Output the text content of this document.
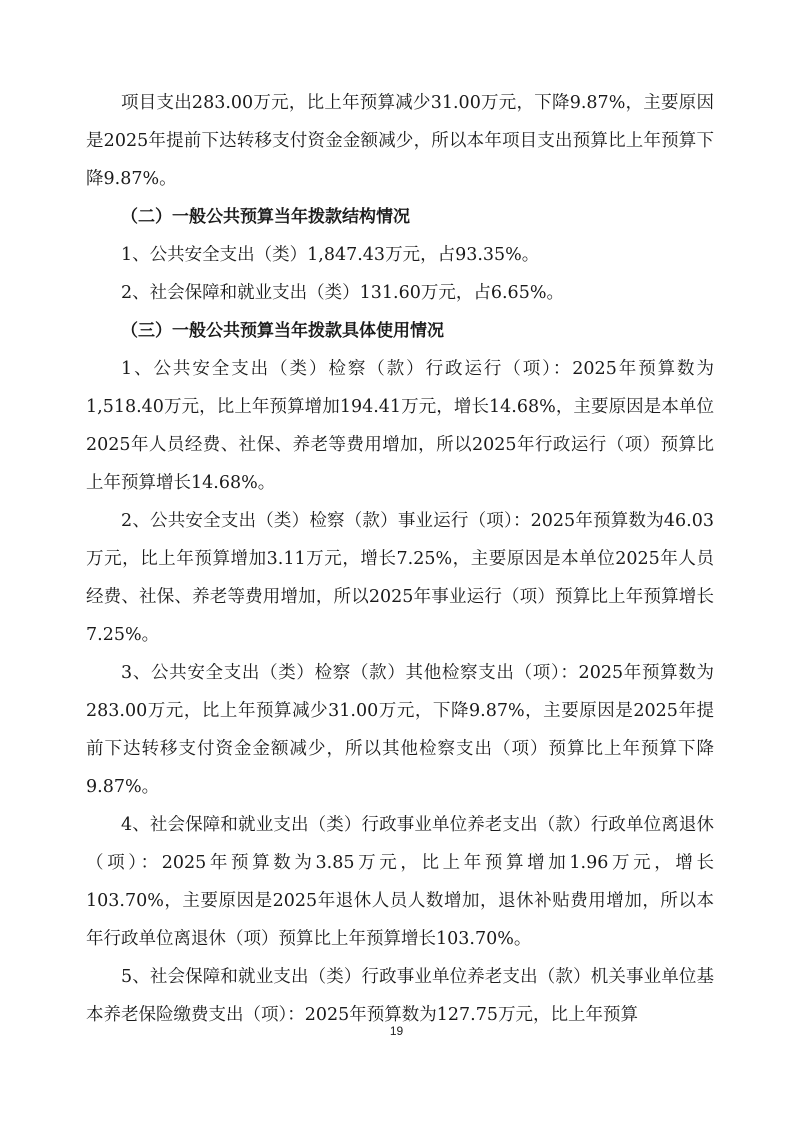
项目支出283.00万元，比上年预算减少31.00万元，下降9.87%，主要原因是2025年提前下达转移支付资金金额减少，所以本年项目支出预算比上年预算下降9.87%。

（二）一般公共预算当年拨款结构情况

1、公共安全支出（类）1,847.43万元，占93.35%。

2、社会保障和就业支出（类）131.60万元，占6.65%。

（三）一般公共预算当年拨款具体使用情况

1、公共安全支出（类）检察（款）行政运行（项）：2025年预算数为1,518.40万元，比上年预算增加194.41万元，增长14.68%，主要原因是本单位2025年人员经费、社保、养老等费用增加，所以2025年行政运行（项）预算比上年预算增长14.68%。

2、公共安全支出（类）检察（款）事业运行（项）：2025年预算数为46.03万元，比上年预算增加3.11万元，增长7.25%，主要原因是本单位2025年人员经费、社保、养老等费用增加，所以2025年事业运行（项）预算比上年预算增长7.25%。

3、公共安全支出（类）检察（款）其他检察支出（项）：2025年预算数为283.00万元，比上年预算减少31.00万元，下降9.87%，主要原因是2025年提前下达转移支付资金金额减少，所以其他检察支出（项）预算比上年预算下降9.87%。

4、社会保障和就业支出（类）行政事业单位养老支出（款）行政单位离退休（项）：2025年预算数为3.85万元，比上年预算增加1.96万元，增长103.70%，主要原因是2025年退休人员人数增加，退休补贴费用增加，所以本年行政单位离退休（项）预算比上年预算增长103.70%。

5、社会保障和就业支出（类）行政事业单位养老支出（款）机关事业单位基本养老保险缴费支出（项）：2025年预算数为127.75万元，比上年预算

19
